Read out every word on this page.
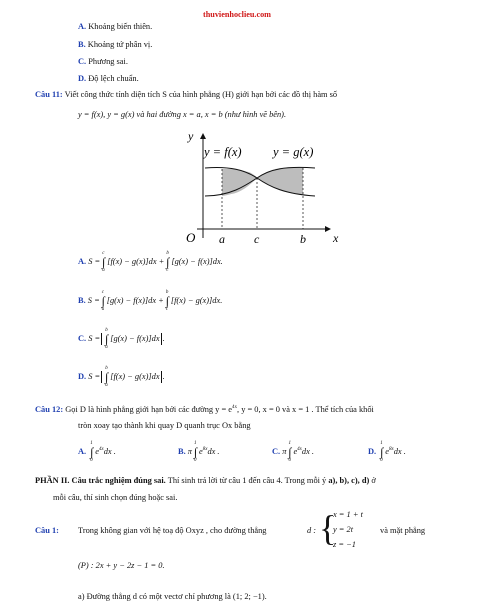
thuvienhoclieu.com
A. Khoảng biến thiên.
B. Khoảng tứ phân vị.
C. Phương sai.
D. Độ lệch chuẩn.
Câu 11: Viết công thức tính diện tích S của hình phẳng (H) giới hạn bởi các đồ thị hàm số
y = f(x), y = g(x) và hai đường x = a, x = b (như hình vẽ bên).
y
x
O a c	b
y = f(x)	y = g(x)
A. S = ∫
c
a
[f(x) − g(x)]dx + ∫
b
c
[g(x) − f(x)]dx.
B. S = ∫
c
a
[g(x) − f(x)]dx + ∫
b
c
[f(x) − g(x)]dx.
C. S = ∫
b
a
[g(x) − f(x)]dx .
D. S = ∫
b
a
[f(x) − g(x)]dx .
Câu 12: Gọi D là hình phẳng giới hạn bởi các đường $y = e^{4x}$, y = 0, x = 0 và x = 1 . Thể tích của khối
tròn xoay tạo thành khi quay D quanh trục Ox bằng
A. ∫
1
0
$e^{4x}dx$ .	B. π ∫
1
0
$e^{8x}dx$ .	C. π ∫
1
0
$e^{4x}dx$ .	D. ∫
1
0
$e^{8x}dx$ .
PHẦN II. Câu trắc nghiệm đúng sai. Thí sinh trả lời từ câu 1 đến câu 4. Trong mỗi ý a), b), c), d) ở
mỗi câu, thí sinh chọn đúng hoặc sai.
Câu 1: Trong không gian với hệ toạ độ Oxyz , cho đường thẳng	d : {
x = 1 + t
y = 2t
z = −1
và mặt phẳng
(P) : 2x + y − 2z − 1 = 0.
a) Đường thẳng d có một vectơ chỉ phương là (1; 2; −1).
